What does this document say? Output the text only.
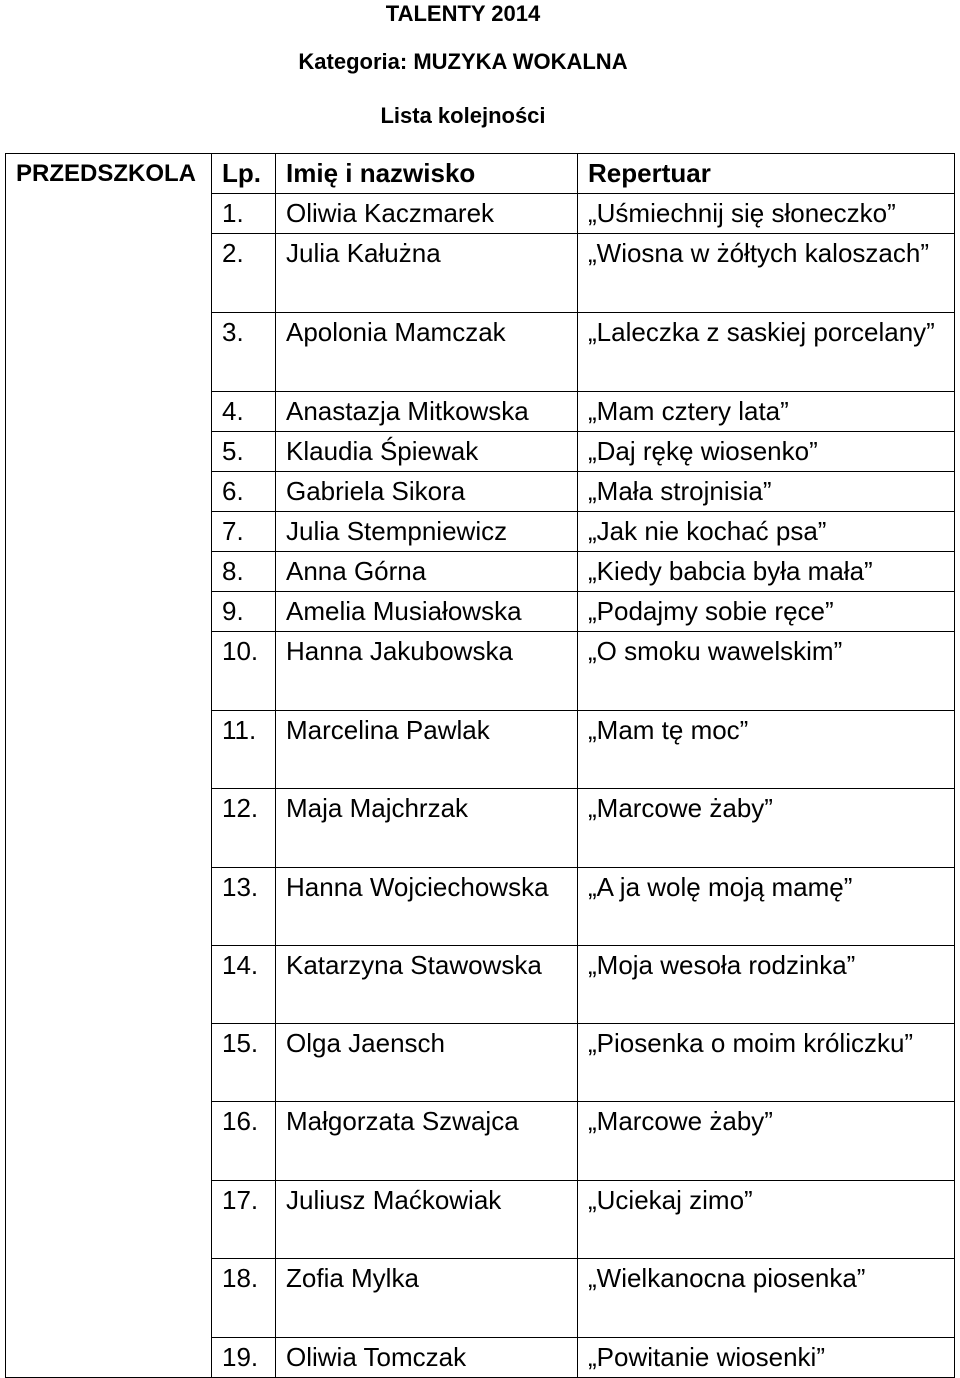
TALENTY 2014
Kategoria: MUZYKA WOKALNA
Lista kolejności
PRZEDSZKOLA	Lp.	Imię i nazwisko	Repertuar
	1.	Oliwia Kaczmarek	„Uśmiechnij się słoneczko”
	2.	Julia Kałużna	„Wiosna w żółtych kaloszach”
	3.	Apolonia Mamczak	„Laleczka z saskiej porcelany”
	4.	Anastazja Mitkowska	„Mam cztery lata”
	5.	Klaudia Śpiewak	„Daj rękę wiosenko”
	6.	Gabriela Sikora	„Mała strojnisia”
	7.	Julia Stempniewicz	„Jak nie kochać psa”
	8.	Anna Górna	„Kiedy babcia była mała”
	9.	Amelia Musiałowska	„Podajmy sobie ręce”
	10.	Hanna Jakubowska	„O smoku wawelskim”
	11.	Marcelina Pawlak	„Mam tę moc”
	12.	Maja Majchrzak	„Marcowe żaby”
	13.	Hanna Wojciechowska	„A ja wolę moją mamę”
	14.	Katarzyna Stawowska	„Moja wesoła rodzinka”
	15.	Olga Jaensch	„Piosenka o moim króliczku”
	16.	Małgorzata Szwajca	„Marcowe żaby”
	17.	Juliusz Maćkowiak	„Uciekaj zimo”
	18.	Zofia Mylka	„Wielkanocna piosenka”
	19.	Oliwia Tomczak	„Powitanie wiosenki”
